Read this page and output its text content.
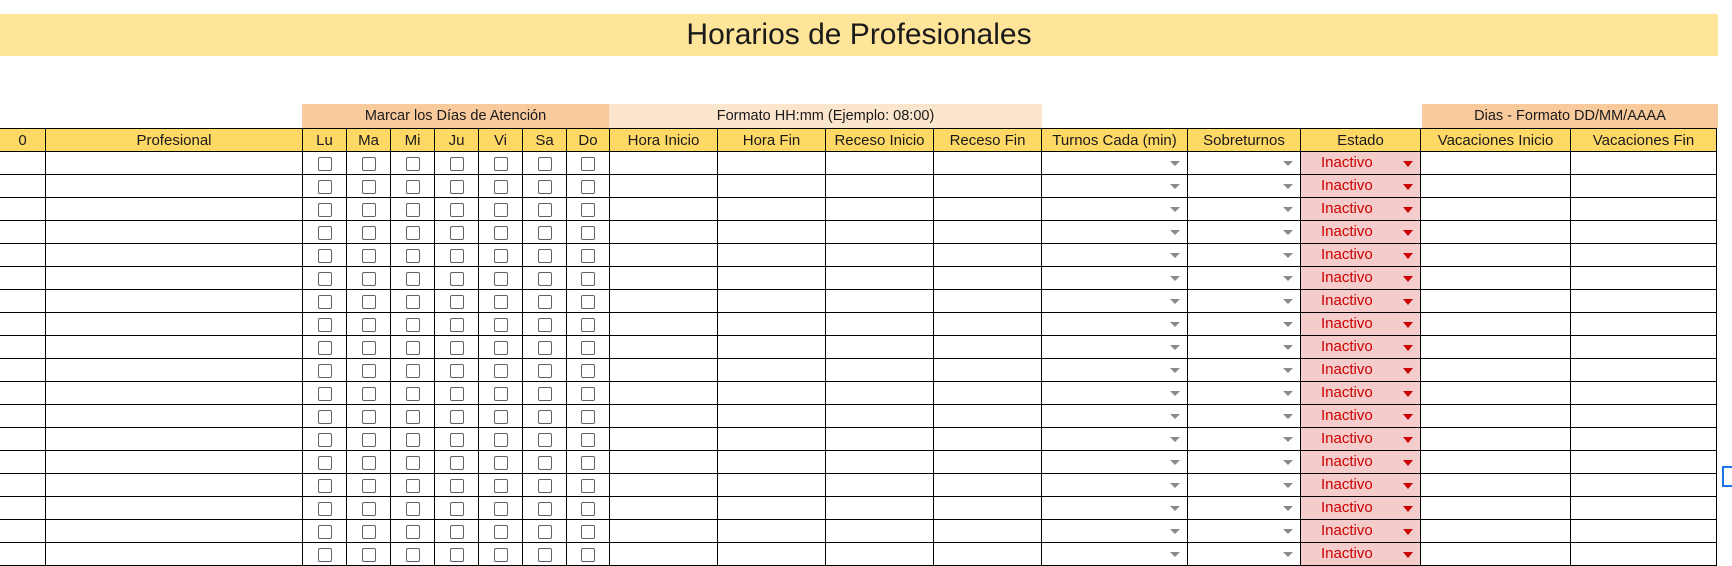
Horarios de Profesionales
Marcar los Días de Atención	Formato HH:mm (Ejemplo: 08:00)	Dias - Formato DD/MM/AAAA
0	Profesional	Lu	Ma	Mi	Ju	Vi	Sa	Do	Hora Inicio	Hora Fin	Receso Inicio	Receso Fin	Turnos Cada (min)	Sobreturnos	Estado	Vacaciones Inicio	Vacaciones Fin

															Inactivo		

															Inactivo		

															Inactivo		

															Inactivo		

															Inactivo		

															Inactivo		

															Inactivo		

															Inactivo		

															Inactivo		

															Inactivo		

															Inactivo		

															Inactivo		

															Inactivo		

															Inactivo		

															Inactivo		

															Inactivo		

															Inactivo		

															Inactivo		
